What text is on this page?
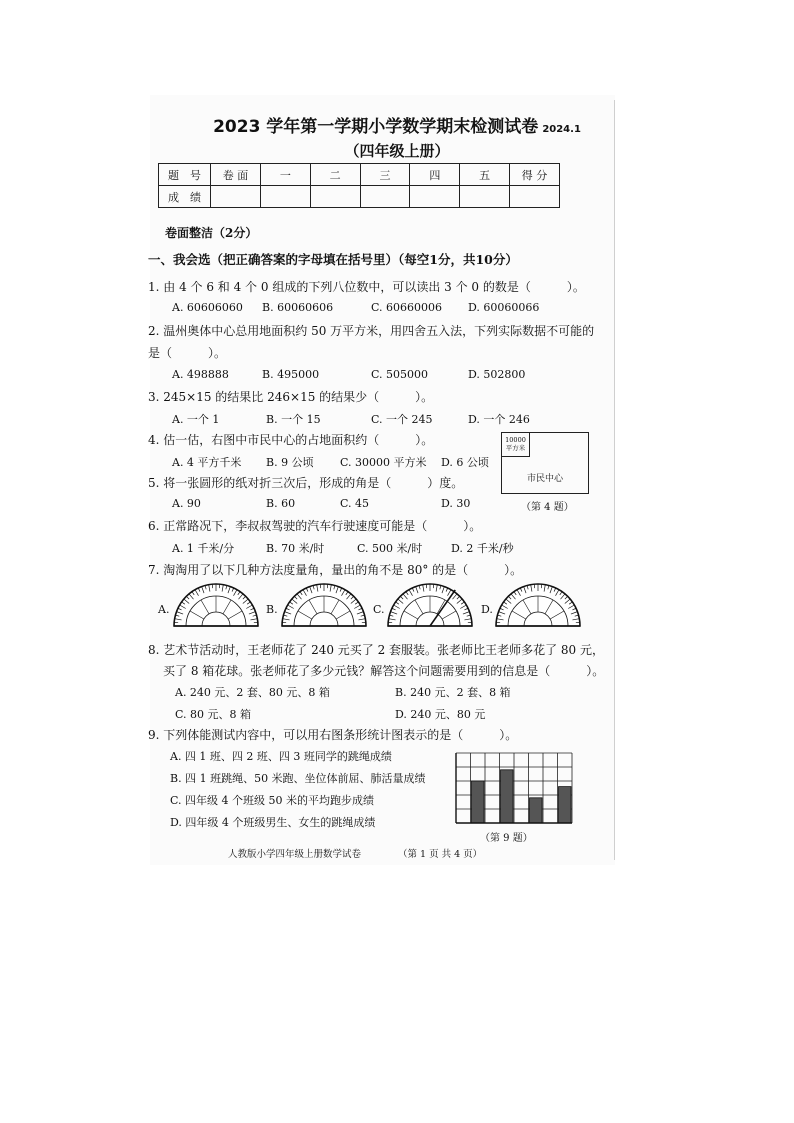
2023 学年第一学期小学数学期末检测试卷 2024.1
（四年级上册）
题　号	卷 面	一	二	三	四	五	得 分
成　绩							
卷面整洁（2分）
一、我会选（把正确答案的字母填在括号里）（每空1分，共10分）
1. 由 4 个 6 和 4 个 0 组成的下列八位数中，可以读出 3 个 0 的数是（　　　）。
A. 60606060 B. 60060606	C. 60660006 D. 60060066
2. 温州奥体中心总用地面积约 50 万平方米，用四舍五入法，下列实际数据不可能的
是（　　　）。
A. 498888	B. 495000	C. 505000	D. 502800
3. 245×15 的结果比 246×15 的结果少（　　　）。
A. 一个 1	B. 一个 15	C. 一个 245	D. 一个 246
4. 估一估，右图中市民中心的占地面积约（　　　）。
A. 4 平方千米 B. 9 公顷 C. 30000 平方米 D. 6 公顷
10000
平方米
市民中心
（第 4 题）
5. 将一张圆形的纸对折三次后，形成的角是（　　　）度。
A. 90	B. 60	C. 45	D. 30
6. 正常路况下，李叔叔驾驶的汽车行驶速度可能是（　　　）。
A. 1 千米/分	B. 70 米/时	C. 500 米/时	D. 2 千米/秒
7. 淘淘用了以下几种方法度量角，量出的角不是 80° 的是（　　　）。
A.	B.	C.	D.
8. 艺术节活动时，王老师花了 240 元买了 2 套服装。张老师比王老师多花了 80 元，
买了 8 箱花球。张老师花了多少元钱？解答这个问题需要用到的信息是（　　　）。
A. 240 元、2 套、80 元、8 箱	B. 240 元、2 套、8 箱
C. 80 元、8 箱	D. 240 元、80 元
9. 下列体能测试内容中，可以用右图条形统计图表示的是（　　　）。
A. 四 1 班、四 2 班、四 3 班同学的跳绳成绩
B. 四 1 班跳绳、50 米跑、坐位体前屈、肺活量成绩
C. 四年级 4 个班级 50 米的平均跑步成绩
D. 四年级 4 个班级男生、女生的跳绳成绩
（第 9 题）
人教版小学四年级上册数学试卷	（第 1 页 共 4 页）
